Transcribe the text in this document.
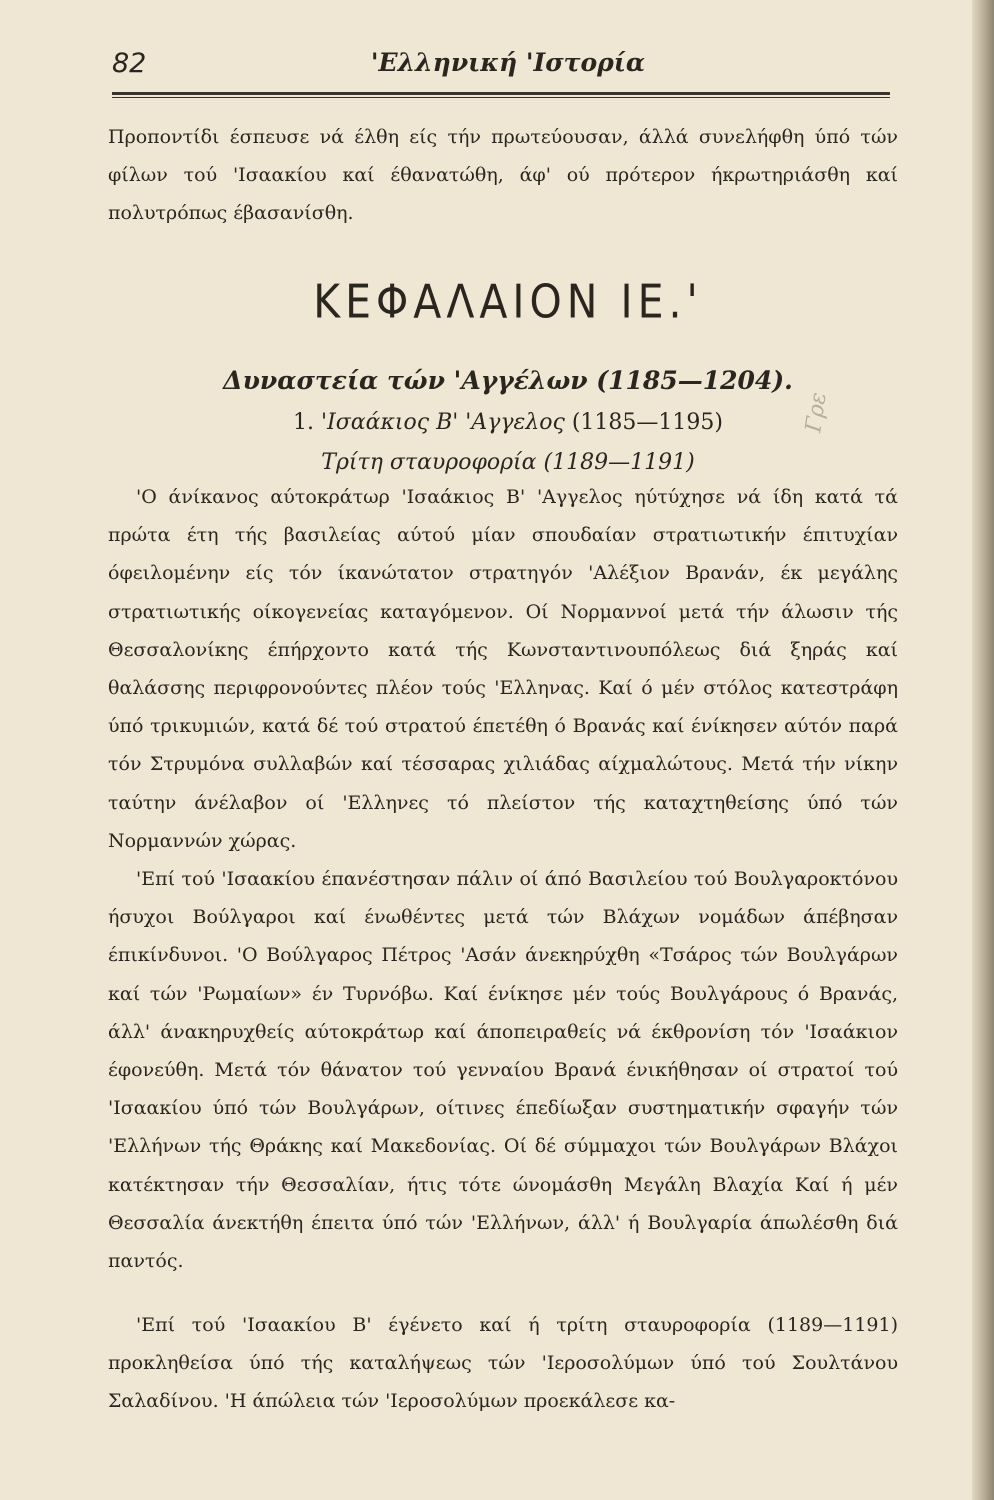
82	'Ελληνική 'Ιστορία
Προποντίδι έσπευσε νά έλθη είς τήν πρωτεύουσαν, άλλά συνελήφθη ύπό τών φίλων τού 'Ισαακίου καί έθανατώθη, άφ' ού πρότερον ήκρωτηριάσθη καί πολυτρόπως έβασανίσθη.
ΚΕΦΑΛΑΙΟΝ ΙΕ.'
Δυναστεία τών 'Αγγέλων (1185—1204).
1. 'Ισαάκιος Β' 'Αγγελος (1185—1195)
Τρίτη σταυροφορία (1189—1191)
'Ο άνίκανος αύτοκράτωρ 'Ισαάκιος Β' 'Αγγελος ηύτύχησε νά ίδη κατά τά πρώτα έτη τής βασιλείας αύτού μίαν σπουδαίαν στρατιωτικήν έπιτυχίαν όφειλομένην είς τόν ίκανώτατον στρατηγόν 'Αλέξιον Βρανάν, έκ μεγάλης στρατιωτικής οίκογενείας καταγόμενον. Οί Νορμαννοί μετά τήν άλωσιν τής Θεσσαλονίκης έπήρχοντο κατά τής Κωνσταντινουπόλεως διά ξηράς καί θαλάσσης περιφρονούντες πλέον τούς 'Ελληνας. Καί ό μέν στόλος κατεστράφη ύπό τρικυμιών, κατά δέ τού στρατού έπετέθη ό Βρανάς καί ένίκησεν αύτόν παρά τόν Στρυμόνα συλλαβών καί τέσσαρας χιλιάδας αίχμαλώτους. Μετά τήν νίκην ταύτην άνέλαβον οί 'Ελληνες τό πλείστον τής καταχτηθείσης ύπό τών Νορμαννών χώρας.
'Επί τού 'Ισαακίου έπανέστησαν πάλιν οί άπό Βασιλείου τού Βουλγαροκτόνου ήσυχοι Βούλγαροι καί ένωθέντες μετά τών Βλάχων νομάδων άπέβησαν έπικίνδυνοι. 'Ο Βούλγαρος Πέτρος 'Ασάν άνεκηρύχθη «Τσάρος τών Βουλγάρων καί τών 'Ρωμαίων» έν Τυρνόβω. Καί ένίκησε μέν τούς Βουλγάρους ό Βρανάς, άλλ' άνακηρυχθείς αύτοκράτωρ καί άποπειραθείς νά έκθρονίση τόν 'Ισαάκιον έφονεύθη. Μετά τόν θάνατον τού γενναίου Βρανά ένικήθησαν οί στρατοί τού 'Ισαακίου ύπό τών Βουλγάρων, οίτινες έπεδίωξαν συστηματικήν σφαγήν τών 'Ελλήνων τής Θράκης καί Μακεδονίας. Οί δέ σύμμαχοι τών Βουλγάρων Βλάχοι κατέκτησαν τήν Θεσσαλίαν, ήτις τότε ώνομάσθη Μεγάλη Βλαχία Καί ή μέν Θεσσαλία άνεκτήθη έπειτα ύπό τών 'Ελλήνων, άλλ' ή Βουλγαρία άπωλέσθη διά παντός.
'Επί τού 'Ισαακίου Β' έγένετο καί ή τρίτη σταυροφορία (1189—1191) προκληθείσα ύπό τής καταλήψεως τών 'Ιεροσολύμων ύπό τού Σουλτάνου Σαλαδίνου. 'Η άπώλεια τών 'Ιεροσολύμων προεκάλεσε κα-
Γρε
